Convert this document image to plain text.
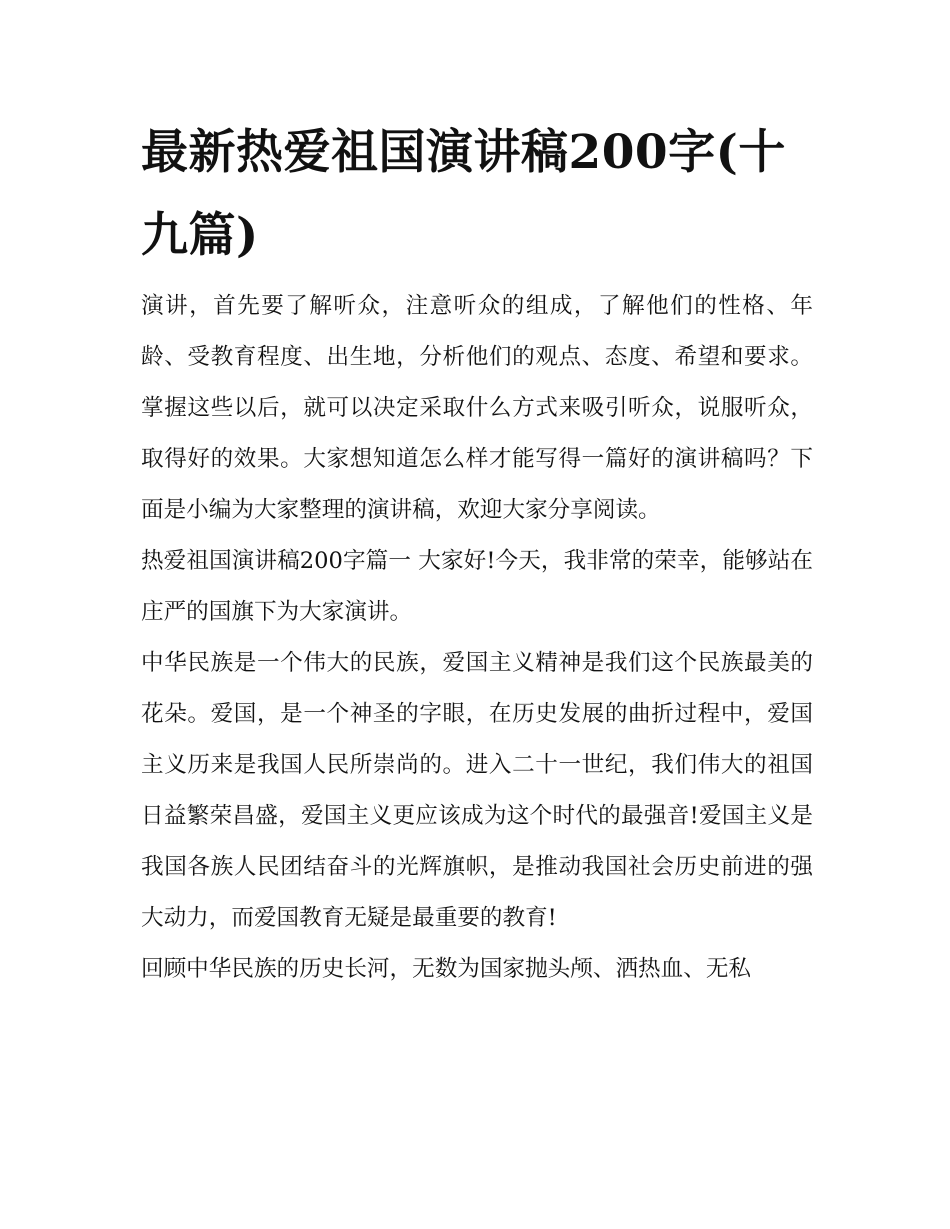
最新热爱祖国演讲稿200字(十九篇)

演讲，首先要了解听众，注意听众的组成，了解他们的性格、年龄、受教育程度、出生地，分析他们的观点、态度、希望和要求。掌握这些以后，就可以决定采取什么方式来吸引听众，说服听众，取得好的效果。大家想知道怎么样才能写得一篇好的演讲稿吗？下面是小编为大家整理的演讲稿，欢迎大家分享阅读。

热爱祖国演讲稿200字篇一 大家好!今天，我非常的荣幸，能够站在庄严的国旗下为大家演讲。

中华民族是一个伟大的民族，爱国主义精神是我们这个民族最美的花朵。爱国，是一个神圣的字眼，在历史发展的曲折过程中，爱国主义历来是我国人民所崇尚的。进入二十一世纪，我们伟大的祖国日益繁荣昌盛，爱国主义更应该成为这个时代的最强音!爱国主义是我国各族人民团结奋斗的光辉旗帜，是推动我国社会历史前进的强大动力，而爱国教育无疑是最重要的教育!

回顾中华民族的历史长河，无数为国家抛头颅、洒热血、无私
